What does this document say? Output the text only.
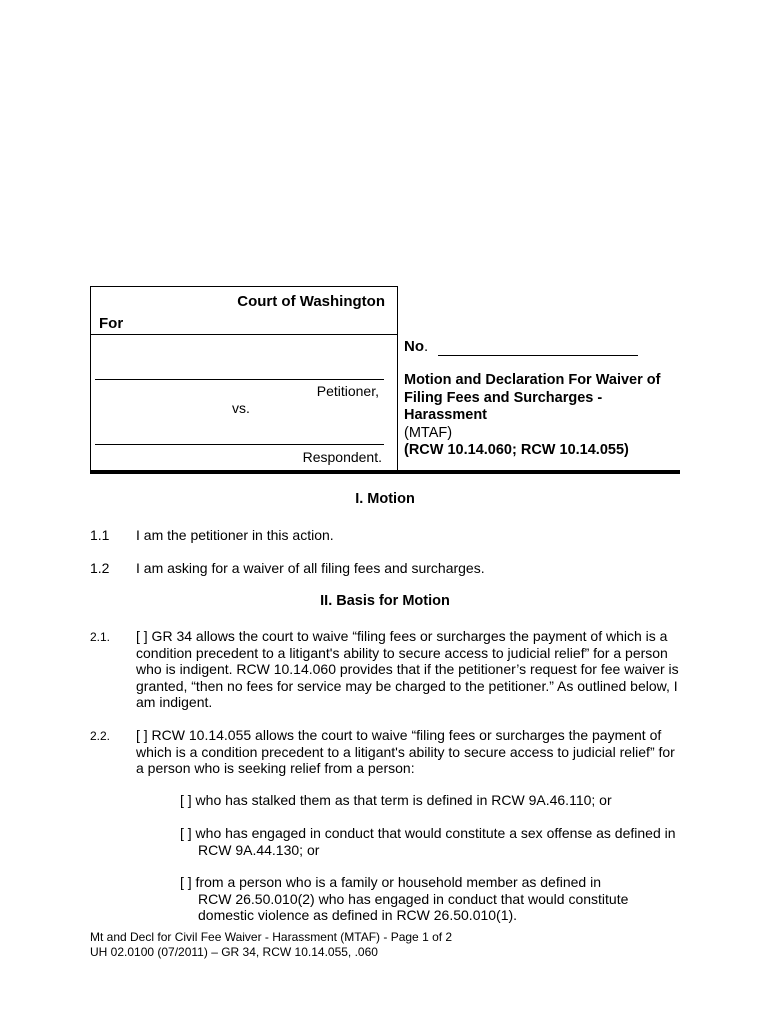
Court of Washington
For
Petitioner,
vs.
Respondent.
No.
Motion and Declaration For Waiver of
Filing Fees and Surcharges -
Harassment
(MTAF)
(RCW 10.14.060; RCW 10.14.055)
I. Motion
1.1 I am the petitioner in this action.
1.2 I am asking for a waiver of all filing fees and surcharges.
II. Basis for Motion
2.1. [ ] GR 34 allows the court to waive “filing fees or surcharges the payment of which is a condition precedent to a litigant's ability to secure access to judicial relief” for a person who is indigent. RCW 10.14.060 provides that if the petitioner’s request for fee waiver is granted, “then no fees for service may be charged to the petitioner.” As outlined below, I am indigent.
2.2. [ ] RCW 10.14.055 allows the court to waive “filing fees or surcharges the payment of which is a condition precedent to a litigant's ability to secure access to judicial relief” for a person who is seeking relief from a person:
[ ] who has stalked them as that term is defined in RCW 9A.46.110; or
[ ] who has engaged in conduct that would constitute a sex offense as defined in
RCW 9A.44.130; or
[ ] from a person who is a family or household member as defined in
RCW 26.50.010(2) who has engaged in conduct that would constitute domestic violence as defined in RCW 26.50.010(1).
Mt and Decl for Civil Fee Waiver - Harassment (MTAF) - Page 1 of 2
UH 02.0100 (07/2011) – GR 34, RCW 10.14.055, .060
